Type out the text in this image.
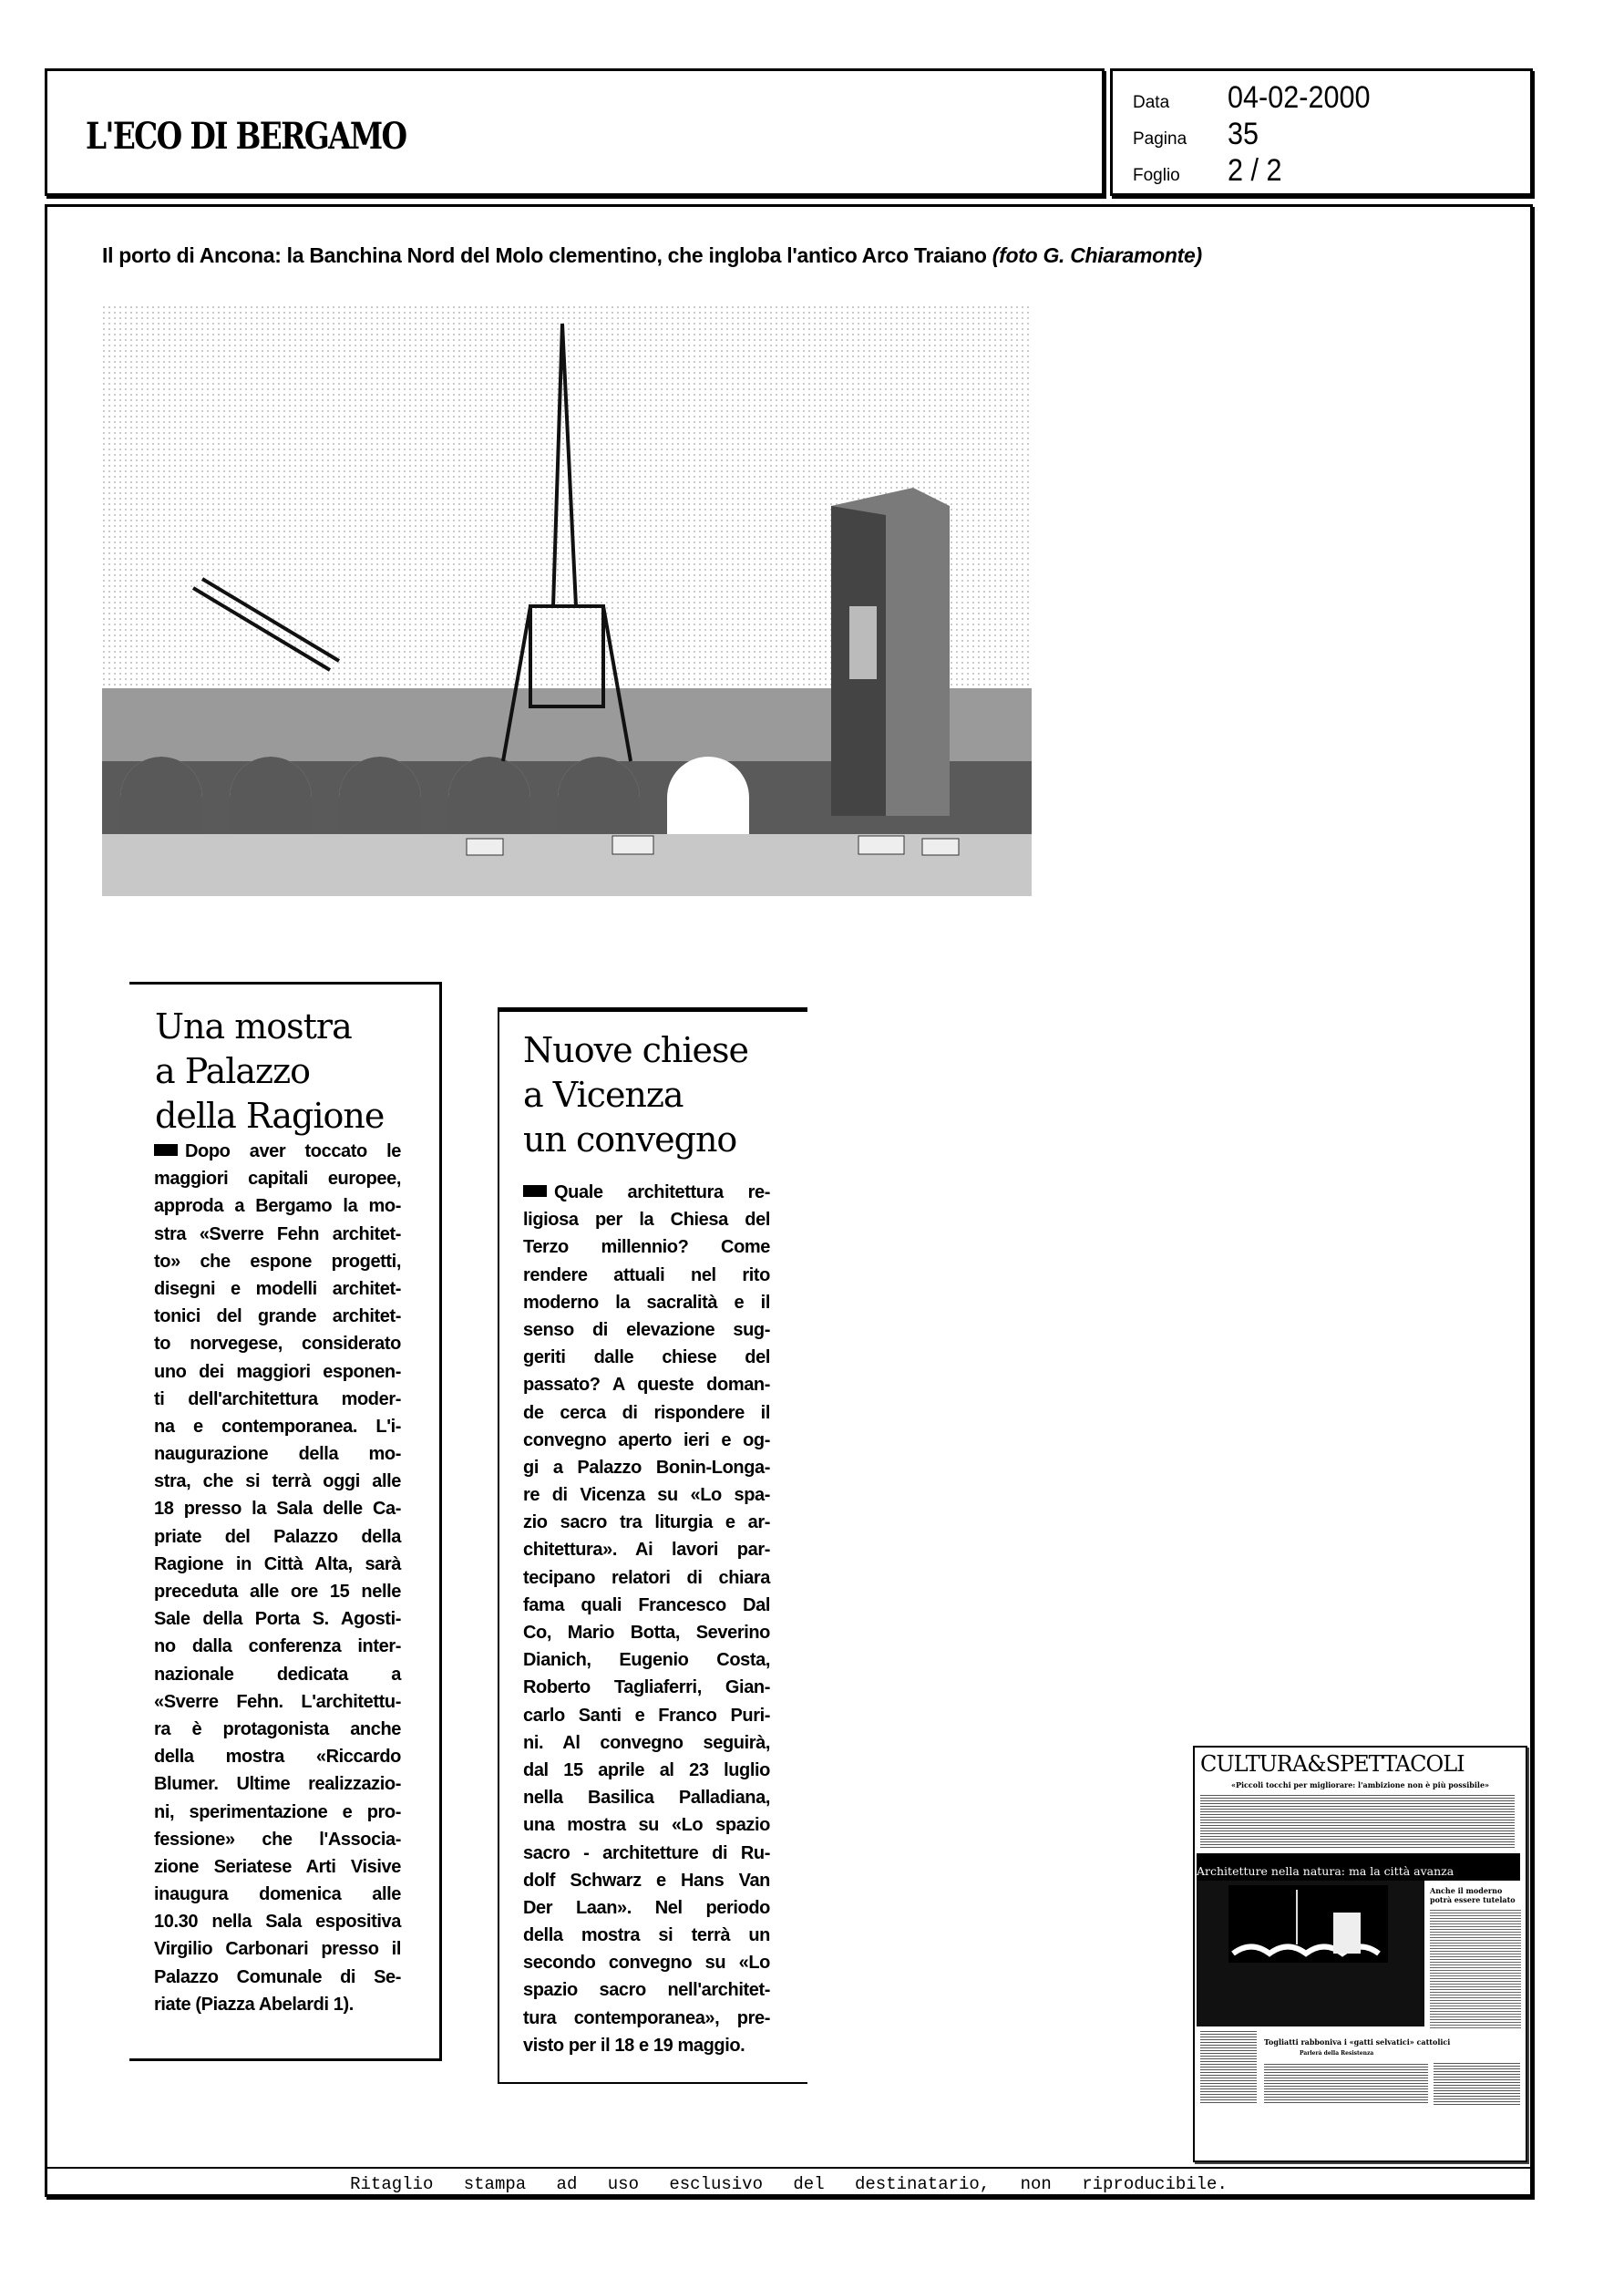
L'ECO DI BERGAMO
Data	04-02-2000
Pagina	35
Foglio	2 / 2
Il porto di Ancona: la Banchina Nord del Molo clementino, che ingloba l'antico Arco Traiano (foto G. Chiaramonte)
Una mostra
a Palazzo
della Ragione
Dopo aver toccato le
maggiori capitali europee,
approda a Bergamo la mo-
stra «Sverre Fehn architet-
to» che espone progetti,
disegni e modelli architet-
tonici del grande architet-
to norvegese, considerato
uno dei maggiori esponen-
ti dell'architettura moder-
na e contemporanea. L'i-
naugurazione della mo-
stra, che si terrà oggi alle
18 presso la Sala delle Ca-
priate del Palazzo della
Ragione in Città Alta, sarà
preceduta alle ore 15 nelle
Sale della Porta S. Agosti-
no dalla conferenza inter-
nazionale dedicata a
«Sverre Fehn. L'architettu-
ra è protagonista anche
della mostra «Riccardo
Blumer. Ultime realizzazio-
ni, sperimentazione e pro-
fessione» che l'Associa-
zione Seriatese Arti Visive
inaugura domenica alle
10.30 nella Sala espositiva
Virgilio Carbonari presso il
Palazzo Comunale di Se-
riate (Piazza Abelardi 1).
Nuove chiese
a Vicenza
un convegno
Quale architettura re-
ligiosa per la Chiesa del
Terzo millennio? Come
rendere attuali nel rito
moderno la sacralità e il
senso di elevazione sug-
geriti dalle chiese del
passato? A queste doman-
de cerca di rispondere il
convegno aperto ieri e og-
gi a Palazzo Bonin-Longa-
re di Vicenza su «Lo spa-
zio sacro tra liturgia e ar-
chitettura». Ai lavori par-
tecipano relatori di chiara
fama quali Francesco Dal
Co, Mario Botta, Severino
Dianich, Eugenio Costa,
Roberto Tagliaferri, Gian-
carlo Santi e Franco Puri-
ni. Al convegno seguirà,
dal 15 aprile al 23 luglio
nella Basilica Palladiana,
una mostra su «Lo spazio
sacro - architetture di Ru-
dolf Schwarz e Hans Van
Der Laan». Nel periodo
della mostra si terrà un
secondo convegno su «Lo
spazio sacro nell'architet-
tura contemporanea», pre-
visto per il 18 e 19 maggio.
CULTURA&SPETTACOLI
«Piccoli tocchi per migliorare: l'ambizione non è più possibile»
Architetture nella natura: ma la città avanza
Anche il moderno potrà essere tutelato
Togliatti rabboniva i «gatti selvatici» cattolici
Parlerà della Resistenza
Ritaglio stampa ad uso esclusivo del destinatario, non riproducibile.
